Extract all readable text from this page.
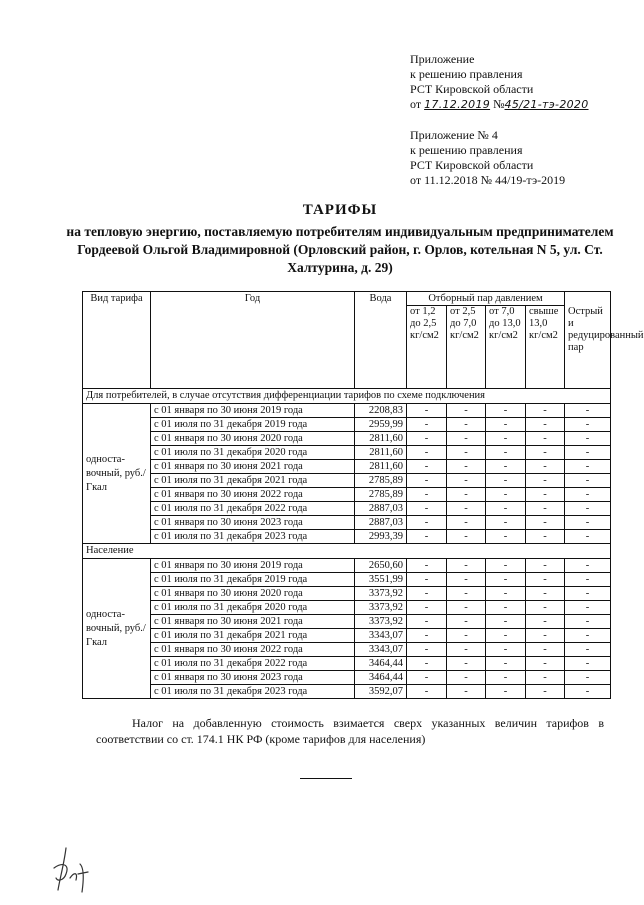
Приложение
к решению правления
РСТ Кировской области
от 17.12.2019 №45/21-тэ-2020
Приложение № 4
к решению правления
РСТ Кировской области
от 11.12.2018 № 44/19-тэ-2019
ТАРИФЫ
на тепловую энергию, поставляемую потребителям индивидуальным предпринимателем Гордеевой Ольгой Владимировной (Орловский район, г. Орлов, котельная N 5, ул. Ст. Халтурина, д. 29)
Вид тарифа	Год	Вода	Отборный пар давлением				Острый и редуцированный пар
			от 1,2 до 2,5 кг/см2	от 2,5 до 7,0 кг/см2	от 7,0 до 13,0 кг/см2	свыше 13,0 кг/см2	
Для потребителей, в случае отсутствия дифференциации тарифов по схеме подключения							
односта-вочный, руб./Гкал	с 01 января по 30 июня 2019 года	2208,83	-	-	-	-	-
	с 01 июля по 31 декабря 2019 года	2959,99	-	-	-	-	-
	с 01 января по 30 июня 2020 года	2811,60	-	-	-	-	-
	с 01 июля по 31 декабря 2020 года	2811,60	-	-	-	-	-
	с 01 января по 30 июня 2021 года	2811,60	-	-	-	-	-
	с 01 июля по 31 декабря 2021 года	2785,89	-	-	-	-	-
	с 01 января по 30 июня 2022 года	2785,89	-	-	-	-	-
	с 01 июля по 31 декабря 2022 года	2887,03	-	-	-	-	-
	с 01 января по 30 июня 2023 года	2887,03	-	-	-	-	-
	с 01 июля по 31 декабря 2023 года	2993,39	-	-	-	-	-
Население							
односта-вочный, руб./Гкал	с 01 января по 30 июня 2019 года	2650,60	-	-	-	-	-
	с 01 июля по 31 декабря 2019 года	3551,99	-	-	-	-	-
	с 01 января по 30 июня 2020 года	3373,92	-	-	-	-	-
	с 01 июля по 31 декабря 2020 года	3373,92	-	-	-	-	-
	с 01 января по 30 июня 2021 года	3373,92	-	-	-	-	-
	с 01 июля по 31 декабря 2021 года	3343,07	-	-	-	-	-
	с 01 января по 30 июня 2022 года	3343,07	-	-	-	-	-
	с 01 июля по 31 декабря 2022 года	3464,44	-	-	-	-	-
	с 01 января по 30 июня 2023 года	3464,44	-	-	-	-	-
	с 01 июля по 31 декабря 2023 года	3592,07	-	-	-	-	-
Налог на добавленную стоимость взимается сверх указанных величин тарифов в соответствии со ст. 174.1 НК РФ (кроме тарифов для населения)
